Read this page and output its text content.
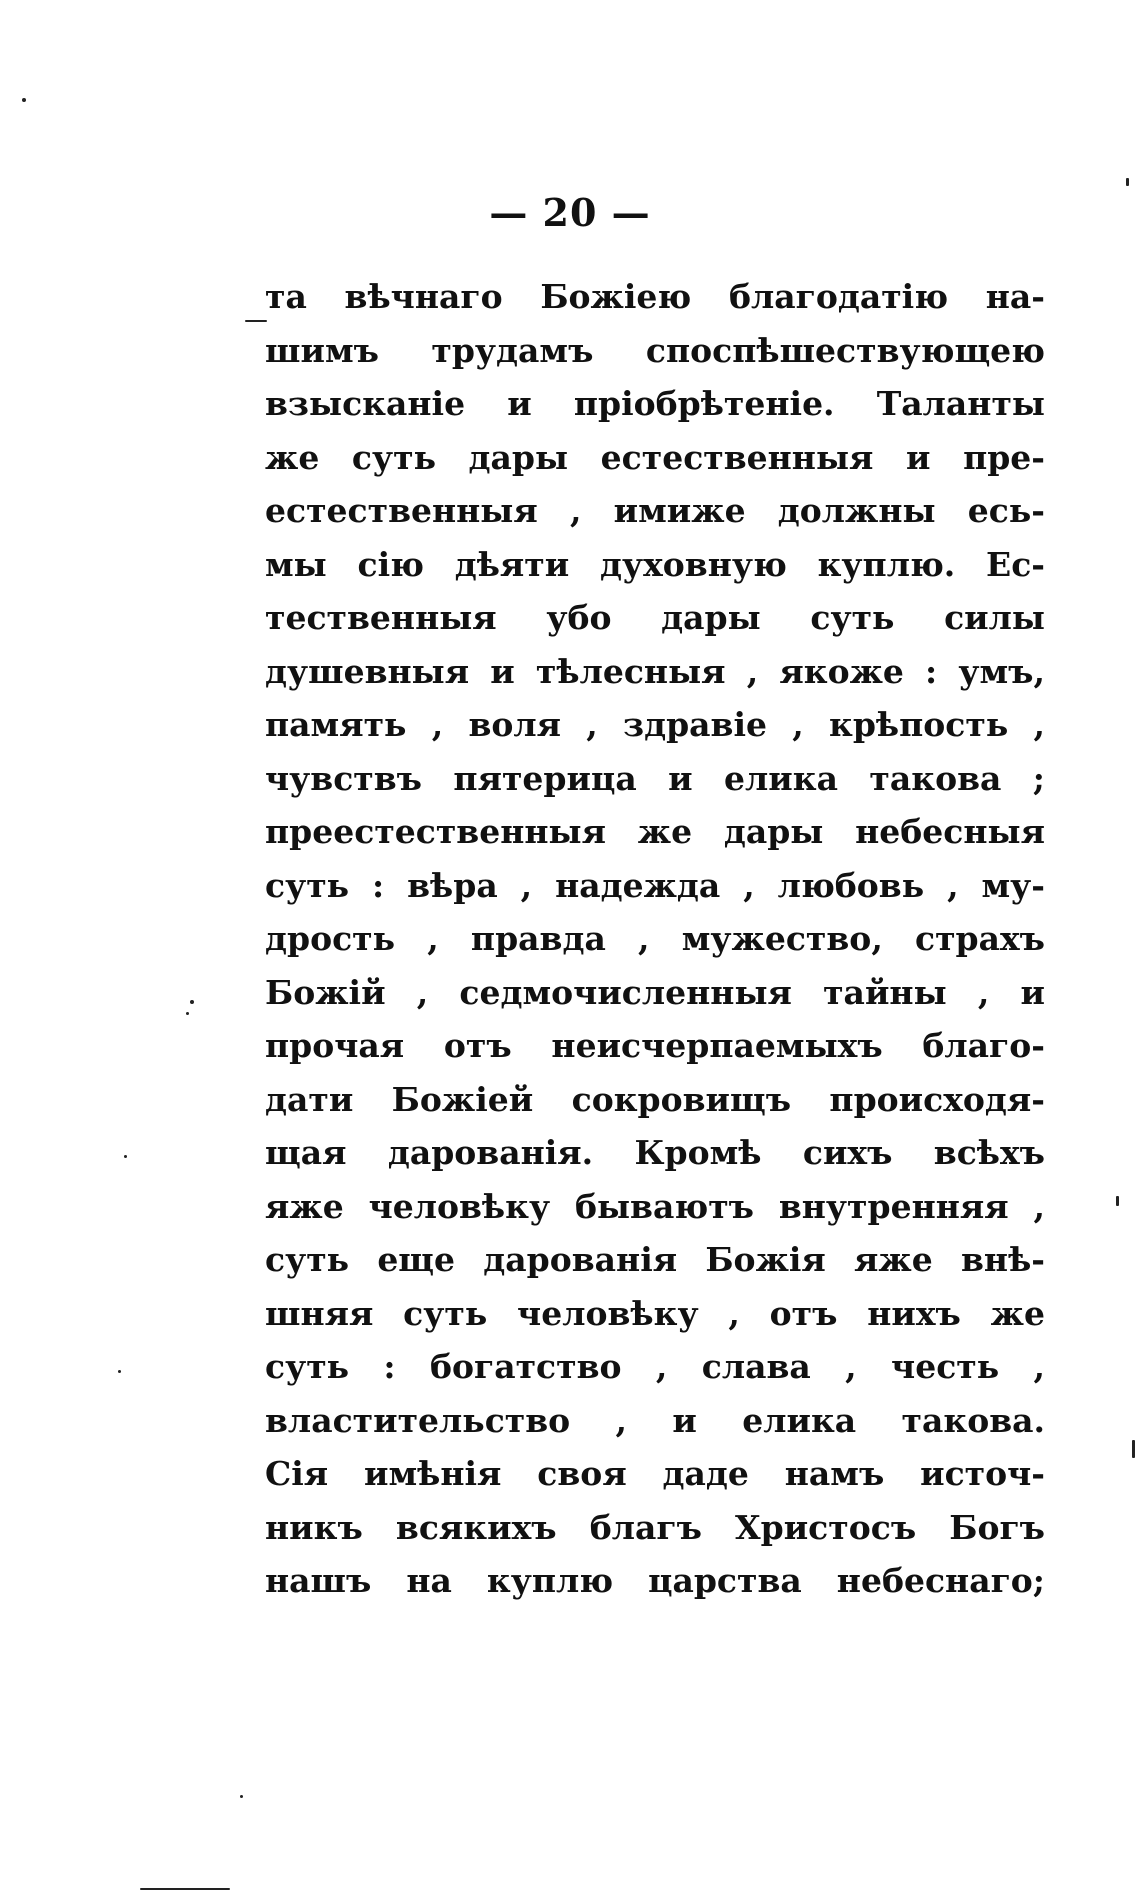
— 20 —
та вѣчнаго Божіею благодатію на-
шимъ трудамъ споспѣшествующею
взысканіе и пріобрѣтеніе. Таланты
же суть дары естественныя и пре-
естественныя , имиже должны есь-
мы сію дѣяти духовную куплю. Ес-
тественныя убо дары суть силы
душевныя и тѣлесныя , якоже : умъ,
память , воля , здравіе , крѣпость ,
чувствъ пятерица и елика такова ;
преестественныя же дары небесныя
суть : вѣра , надежда , любовь , му-
дрость , правда , мужество, страхъ
Божій , седмочисленныя тайны , и
прочая отъ неисчерпаемыхъ благо-
дати Божіей сокровищъ происходя-
щая дарованія. Кромѣ сихъ всѣхъ
яже человѣку бываютъ внутренняя ,
суть еще дарованія Божія яже внѣ-
шняя суть человѣку , отъ нихъ же
суть : богатство , слава , честь ,
властительство , и елика такова.
Сія имѣнія своя даде намъ источ-
никъ всякихъ благъ Христосъ Богъ
нашъ на куплю царства небеснаго;
